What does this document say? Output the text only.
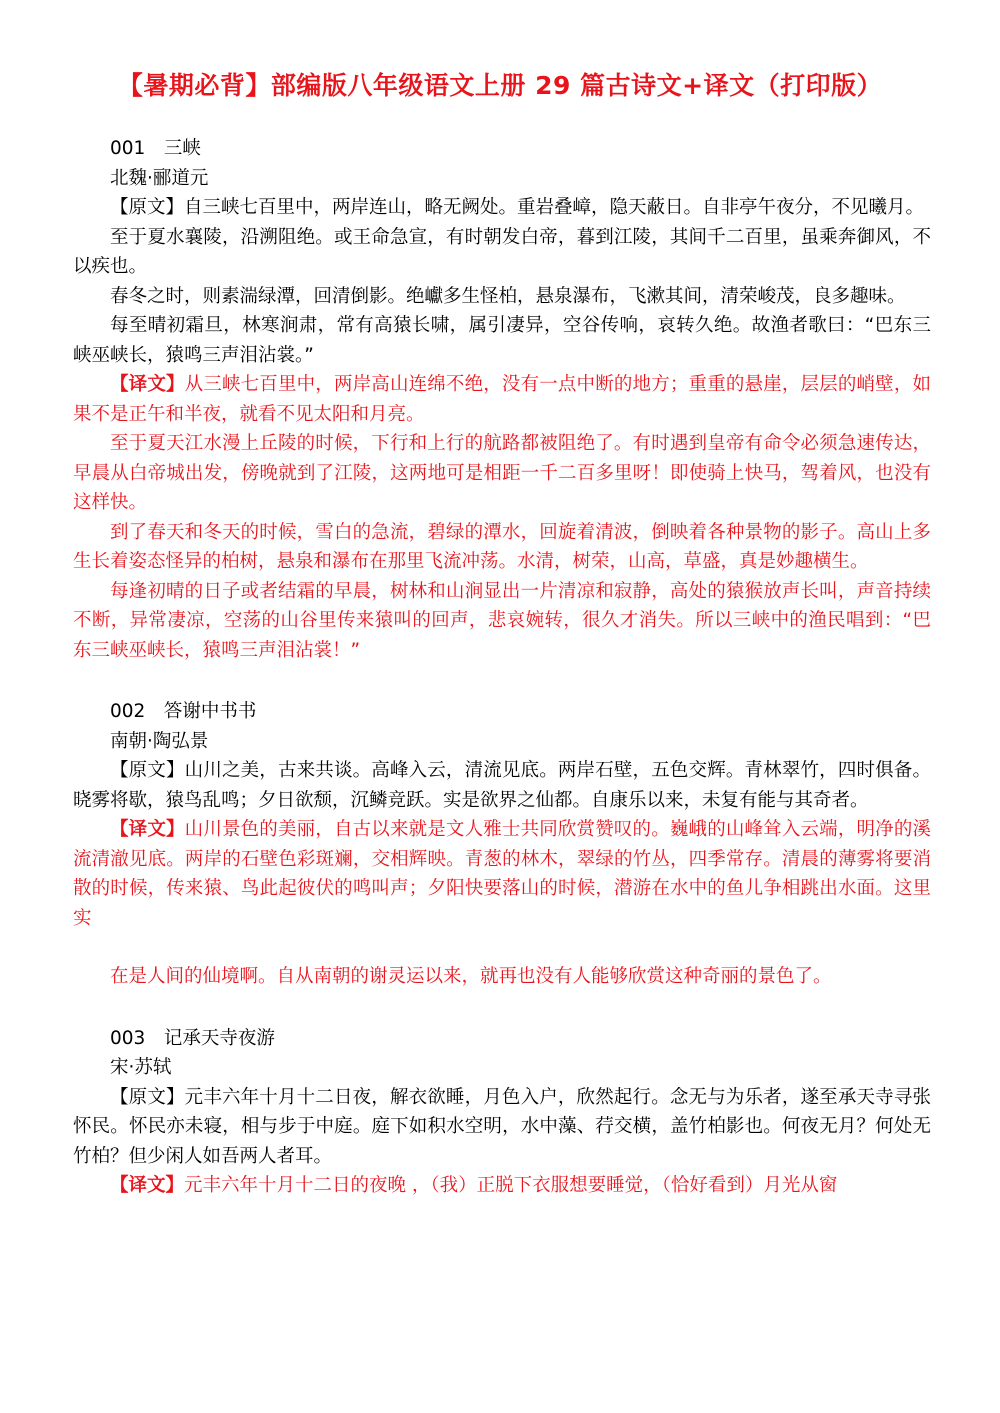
【暑期必背】部编版八年级语文上册 29 篇古诗文+译文（打印版）
001  三峡
北魏·郦道元

【原文】自三峡七百里中，两岸连山，略无阙处。重岩叠嶂，隐天蔽日。自非亭午夜分，不见曦月。

至于夏水襄陵，沿溯阻绝。或王命急宣，有时朝发白帝，暮到江陵，其间千二百里，虽乘奔御风，不以疾也。

春冬之时，则素湍绿潭，回清倒影。绝巘多生怪柏，悬泉瀑布，飞漱其间，清荣峻茂，良多趣味。

每至晴初霜旦，林寒涧肃，常有高猿长啸，属引凄异，空谷传响，哀转久绝。故渔者歌曰：“巴东三峡巫峡长，猿鸣三声泪沾裳。”

【译文】从三峡七百里中，两岸高山连绵不绝，没有一点中断的地方；重重的悬崖，层层的峭壁，如果不是正午和半夜，就看不见太阳和月亮。

至于夏天江水漫上丘陵的时候，下行和上行的航路都被阻绝了。有时遇到皇帝有命令必须急速传达，早晨从白帝城出发，傍晚就到了江陵，这两地可是相距一千二百多里呀！即使骑上快马，驾着风，也没有这样快。

到了春天和冬天的时候，雪白的急流，碧绿的潭水，回旋着清波，倒映着各种景物的影子。高山上多生长着姿态怪异的柏树，悬泉和瀑布在那里飞流冲荡。水清，树荣，山高，草盛，真是妙趣横生。

每逢初晴的日子或者结霜的早晨，树林和山涧显出一片清凉和寂静，高处的猿猴放声长叫，声音持续不断，异常凄凉，空荡的山谷里传来猿叫的回声，悲哀婉转，很久才消失。所以三峡中的渔民唱到：“巴东三峡巫峡长，猿鸣三声泪沾裳！”

002  答谢中书书
南朝·陶弘景

【原文】山川之美，古来共谈。高峰入云，清流见底。两岸石壁，五色交辉。青林翠竹，四时俱备。晓雾将歇，猿鸟乱鸣；夕日欲颓，沉鳞竞跃。实是欲界之仙都。自康乐以来，未复有能与其奇者。

【译文】山川景色的美丽，自古以来就是文人雅士共同欣赏赞叹的。巍峨的山峰耸入云端，明净的溪流清澈见底。两岸的石壁色彩斑斓，交相辉映。青葱的林木，翠绿的竹丛，四季常存。清晨的薄雾将要消散的时候，传来猿、鸟此起彼伏的鸣叫声；夕阳快要落山的时候，潜游在水中的鱼儿争相跳出水面。这里实

在是人间的仙境啊。自从南朝的谢灵运以来，就再也没有人能够欣赏这种奇丽的景色了。

003  记承天寺夜游
宋·苏轼

【原文】元丰六年十月十二日夜，解衣欲睡，月色入户，欣然起行。念无与为乐者，遂至承天寺寻张怀民。怀民亦未寝，相与步于中庭。庭下如积水空明，水中藻、荇交横，盖竹柏影也。何夜无月？何处无竹柏？但少闲人如吾两人者耳。

【译文】元丰六年十月十二日的夜晚 ，（我）正脱下衣服想要睡觉，（恰好看到）月光从窗
